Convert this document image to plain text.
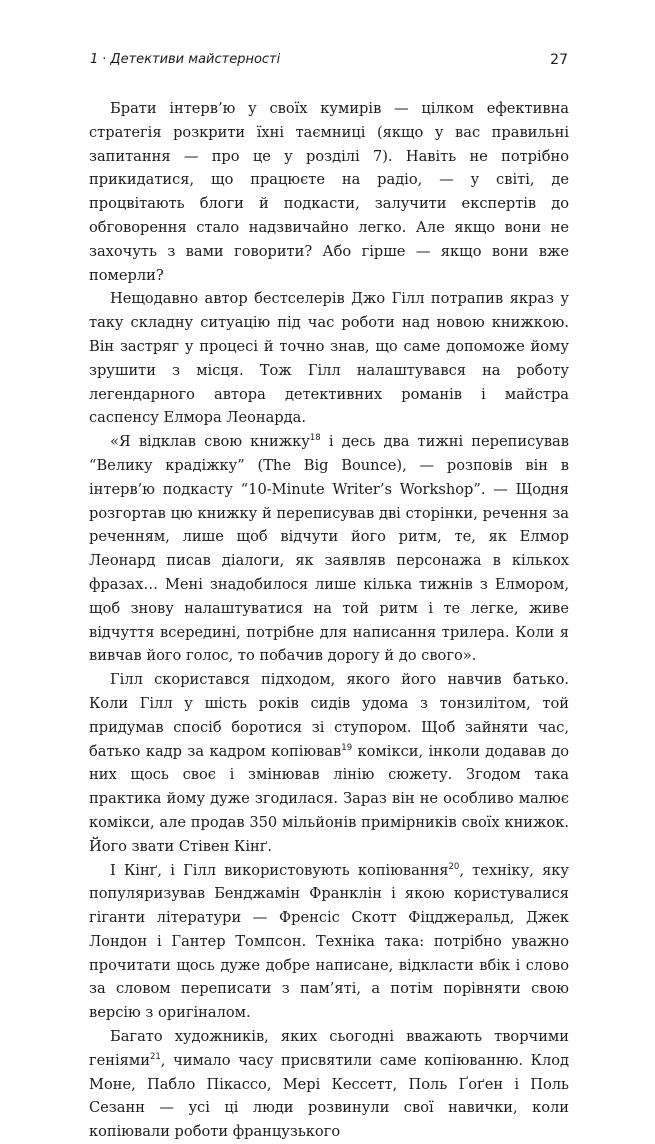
1 · Детективи майстерності	27

Брати інтерв’ю у своїх кумирів — цілком ефективна стратегія розкрити їхні таємниці (якщо у вас правильні запитання — про це у розділі 7). Навіть не потрібно прикидатися, що працюєте на радіо, — у світі, де процвітають блоги й подкасти, залучити експертів до обговорення стало надзвичайно легко. Але якщо вони не захочуть з вами говорити? Або гірше — якщо вони вже померли?

Нещодавно автор бестселерів Джо Гілл потрапив якраз у таку складну ситуацію під час роботи над новою книжкою. Він застряг у процесі й точно знав, що саме допоможе йому зрушити з місця. Тож Гілл налаштувався на роботу легендарного автора детективних романів і майстра саспенсу Елмора Леонарда.

«Я відклав свою книжку$^{18}$ і десь два тижні переписував “Велику крадіжку” (The Big Bounce), — розповів він в інтерв’ю подкасту “10-Minute Writer’s Workshop”. — Щодня розгортав цю книжку й переписував дві сторінки, речення за реченням, лише щоб відчути його ритм, те, як Елмор Леонард писав діалоги, як заявляв персонажа в кількох фразах… Мені знадобилося лише кілька тижнів з Елмором, щоб знову налаштуватися на той ритм і те легке, живе відчуття всередині, потрібне для написання трилера. Коли я вивчав його голос, то побачив дорогу й до свого».

Гілл скористався підходом, якого його навчив батько. Коли Гілл у шість років сидів удома з тонзилітом, той придумав спосіб боротися зі ступором. Щоб зайняти час, батько кадр за кадром копіював$^{19}$ комікси, інколи додавав до них щось своє і змінював лінію сюжету. Згодом така практика йому дуже згодилася. Зараз він не особливо малює комікси, але продав 350 мільйонів примірників своїх книжок. Його звати Стівен Кінґ.

І Кінґ, і Гілл використовують копіювання$^{20}$, техніку, яку популяризував Бенджамін Франклін і якою користувалися гіганти літератури — Френсіс Скотт Фіцджеральд, Джек Лондон і Гантер Томпсон. Техніка така: потрібно уважно прочитати щось дуже добре написане, відкласти вбік і слово за словом переписати з пам’яті, а потім порівняти свою версію з оригіналом.

Багато художників, яких сьогодні вважають творчими геніями$^{21}$, чимало часу присвятили саме копіюванню. Клод Моне, Пабло Пікассо, Мері Кессетт, Поль Ґоґен і Поль Сезанн — усі ці люди розвинули свої навички, коли копіювали роботи французького
